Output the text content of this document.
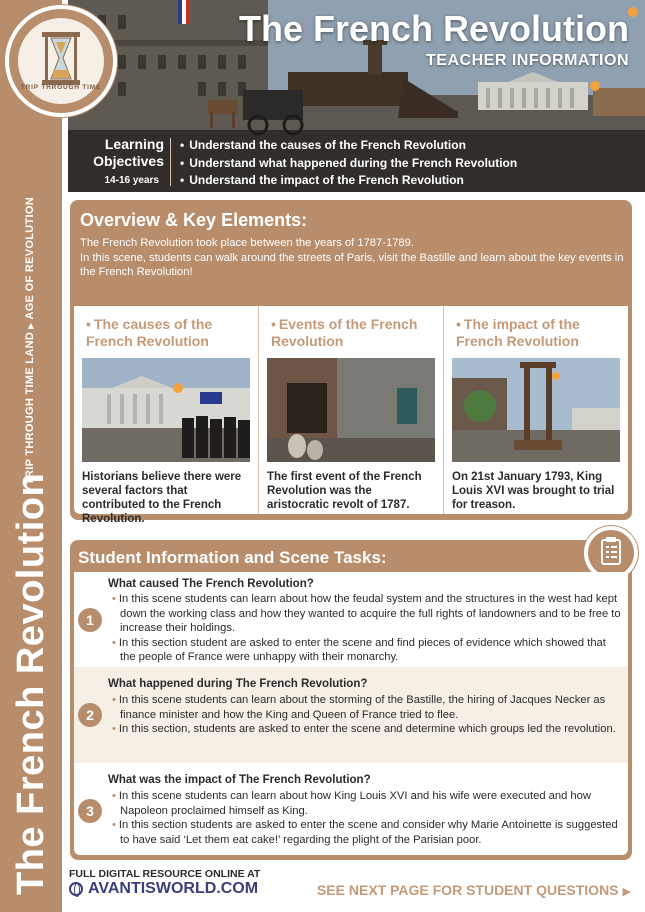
TRIP THROUGH TIME LAND▶AGE OF REVOLUTION
The French Revolution
TRIP THROUGH TIME
The French Revolution
TEACHER INFORMATION
Learning
Objectives
14-16 years
• Understand the causes of the French Revolution
• Understand what happened during the French Revolution
• Understand the impact of the French Revolution
Overview & Key Elements:
The French Revolution took place between the years of 1787-1789.
In this scene, students can walk around the streets of Paris, visit the Bastille and learn about the key events in the French Revolution!
• The causes of the French Revolution
Historians believe there were several factors that contributed to the French Revolution.
• Events of the French Revolution
The first event of the French Revolution was the aristocratic revolt of 1787.
• The impact of the French Revolution
On 21st January 1793, King Louis XVI was brought to trial for treason.
Student Information and Scene Tasks:
1
What caused The French Revolution?
• In this scene students can learn about how the feudal system and the structures in the west had kept down the working class and how they wanted to acquire the full rights of landowners and to be free to increase their holdings.
• In this section student are asked to enter the scene and find pieces of evidence which showed that the people of France were unhappy with their monarchy.
2
What happened during The French Revolution?
• In this scene students can learn about the storming of the Bastille, the hiring of Jacques Necker as finance minister and how the King and Queen of France tried to flee.
• In this section, students are asked to enter the scene and determine which groups led the revolution.
3
What was the impact of The French Revolution?
• In this scene students can learn about how King Louis XVI and his wife were executed and how Napoleon proclaimed himself as King.
• In this section students are asked to enter the scene and consider why Marie Antoinette is suggested to have said ‘Let them eat cake!’ regarding the plight of the Parisian poor.
FULL DIGITAL RESOURCE ONLINE AT
AVANTISWORLD.COM	SEE NEXT PAGE FOR STUDENT QUESTIONS ▶
